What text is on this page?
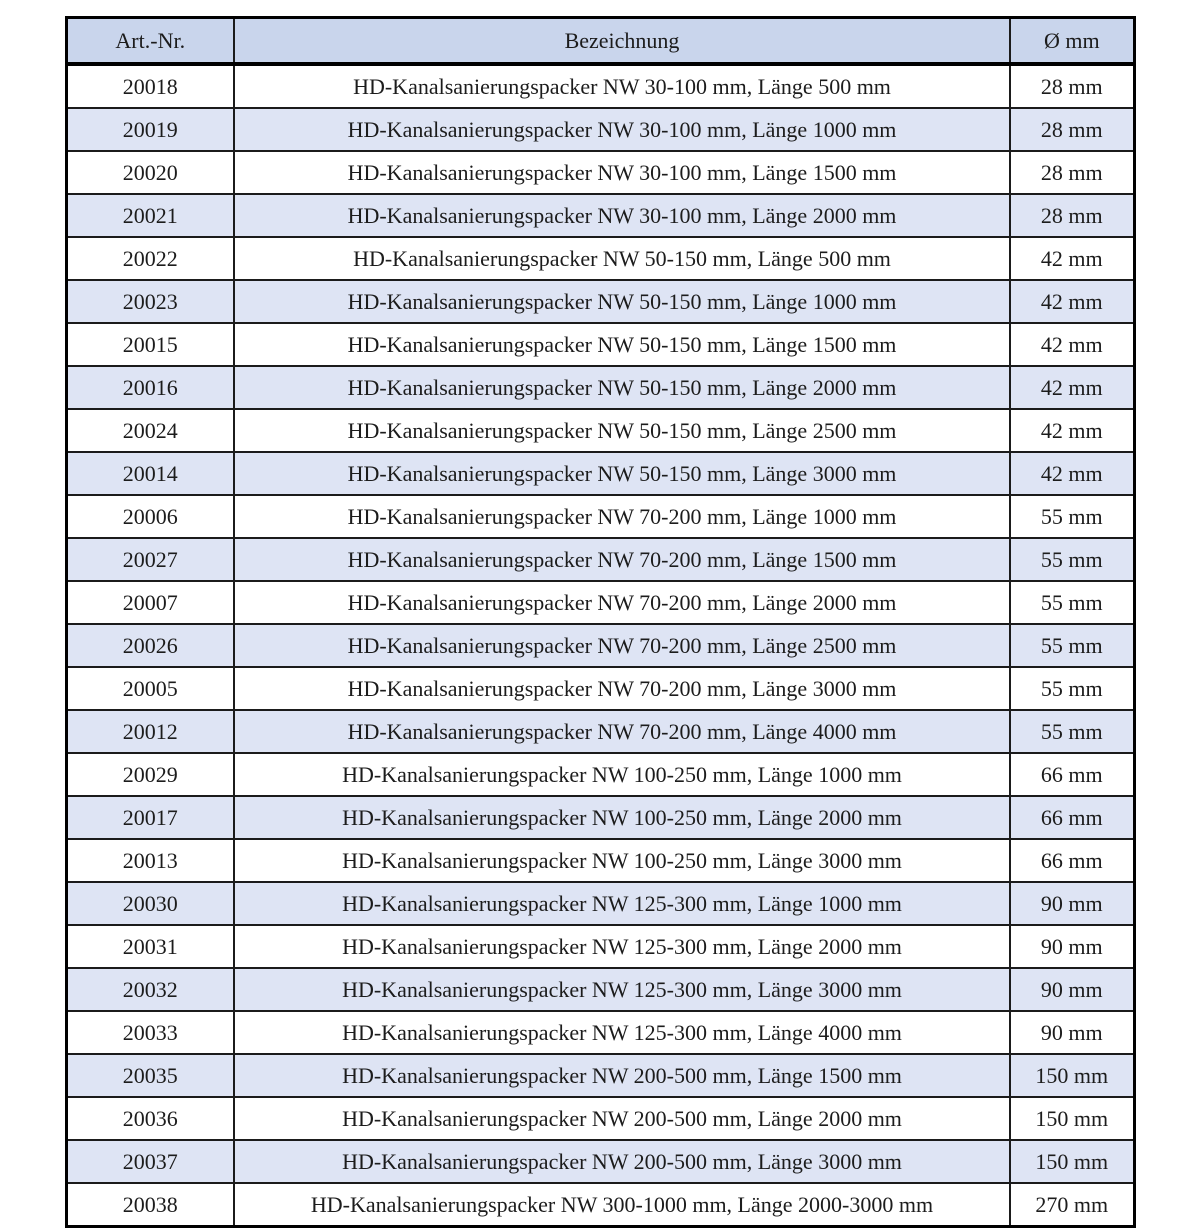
Art.-Nr.	Bezeichnung	Ø mm
20018	HD-Kanalsanierungspacker NW 30-100 mm, Länge 500 mm	28 mm
20019	HD-Kanalsanierungspacker NW 30-100 mm, Länge 1000 mm	28 mm
20020	HD-Kanalsanierungspacker NW 30-100 mm, Länge 1500 mm	28 mm
20021	HD-Kanalsanierungspacker NW 30-100 mm, Länge 2000 mm	28 mm
20022	HD-Kanalsanierungspacker NW 50-150 mm, Länge 500 mm	42 mm
20023	HD-Kanalsanierungspacker NW 50-150 mm, Länge 1000 mm	42 mm
20015	HD-Kanalsanierungspacker NW 50-150 mm, Länge 1500 mm	42 mm
20016	HD-Kanalsanierungspacker NW 50-150 mm, Länge 2000 mm	42 mm
20024	HD-Kanalsanierungspacker NW 50-150 mm, Länge 2500 mm	42 mm
20014	HD-Kanalsanierungspacker NW 50-150 mm, Länge 3000 mm	42 mm
20006	HD-Kanalsanierungspacker NW 70-200 mm, Länge 1000 mm	55 mm
20027	HD-Kanalsanierungspacker NW 70-200 mm, Länge 1500 mm	55 mm
20007	HD-Kanalsanierungspacker NW 70-200 mm, Länge 2000 mm	55 mm
20026	HD-Kanalsanierungspacker NW 70-200 mm, Länge 2500 mm	55 mm
20005	HD-Kanalsanierungspacker NW 70-200 mm, Länge 3000 mm	55 mm
20012	HD-Kanalsanierungspacker NW 70-200 mm, Länge 4000 mm	55 mm
20029	HD-Kanalsanierungspacker NW 100-250 mm, Länge 1000 mm	66 mm
20017	HD-Kanalsanierungspacker NW 100-250 mm, Länge 2000 mm	66 mm
20013	HD-Kanalsanierungspacker NW 100-250 mm, Länge 3000 mm	66 mm
20030	HD-Kanalsanierungspacker NW 125-300 mm, Länge 1000 mm	90 mm
20031	HD-Kanalsanierungspacker NW 125-300 mm, Länge 2000 mm	90 mm
20032	HD-Kanalsanierungspacker NW 125-300 mm, Länge 3000 mm	90 mm
20033	HD-Kanalsanierungspacker NW 125-300 mm, Länge 4000 mm	90 mm
20035	HD-Kanalsanierungspacker NW 200-500 mm, Länge 1500 mm	150 mm
20036	HD-Kanalsanierungspacker NW 200-500 mm, Länge 2000 mm	150 mm
20037	HD-Kanalsanierungspacker NW 200-500 mm, Länge 3000 mm	150 mm
20038	HD-Kanalsanierungspacker NW 300-1000 mm, Länge 2000-3000 mm	270 mm
